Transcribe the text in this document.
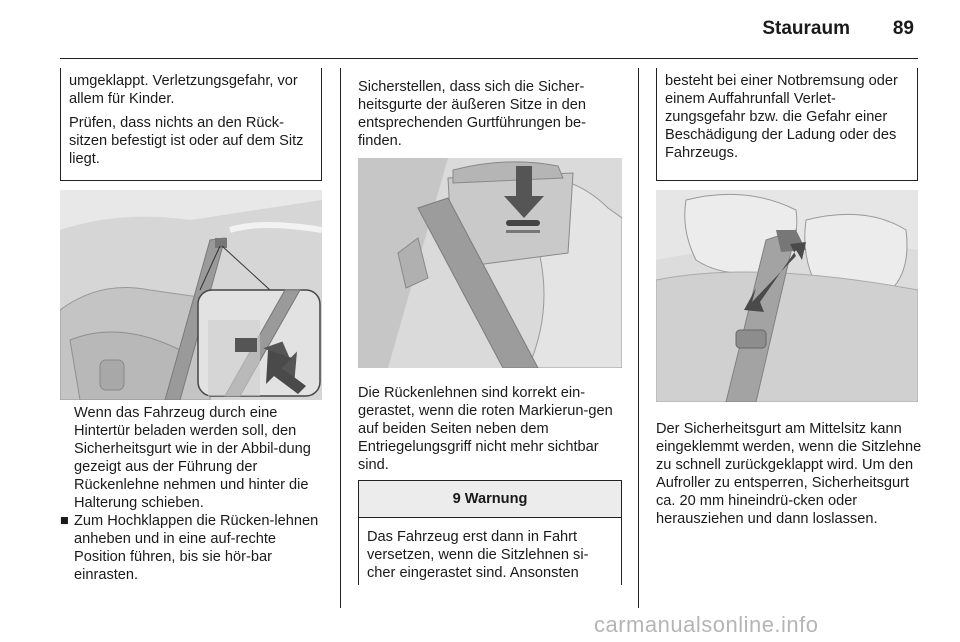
Stauraum	89

umgeklappt. Verletzungsgefahr, vor allem für Kinder.

Prüfen, dass nichts an den Rück-sitzen befestigt ist oder auf dem Sitz liegt.

Wenn das Fahrzeug durch eine Hintertür beladen werden soll, den Sicherheitsgurt wie in der Abbil-dung gezeigt aus der Führung der Rückenlehne nehmen und hinter die Halterung schieben.

■ Zum Hochklappen die Rücken-lehnen anheben und in eine auf-rechte Position führen, bis sie hör-bar einrasten.

Sicherstellen, dass sich die Sicher-heitsgurte der äußeren Sitze in den entsprechenden Gurtführungen be-finden.

Die Rückenlehnen sind korrekt ein-gerastet, wenn die roten Markierun-gen auf beiden Seiten neben dem Entriegelungsgriff nicht mehr sichtbar sind.

9 Warnung
Das Fahrzeug erst dann in Fahrt versetzen, wenn die Sitzlehnen si-cher eingerastet sind. Ansonsten

besteht bei einer Notbremsung oder einem Auffahrunfall Verlet-zungsgefahr bzw. die Gefahr einer Beschädigung der Ladung oder des Fahrzeugs.

Der Sicherheitsgurt am Mittelsitz kann eingeklemmt werden, wenn die Sitzlehne zu schnell zurückgeklappt wird. Um den Aufroller zu entsperren, Sicherheitsgurt ca. 20 mm hineindrü-cken oder herausziehen und dann loslassen.

carmanualsonline.info
